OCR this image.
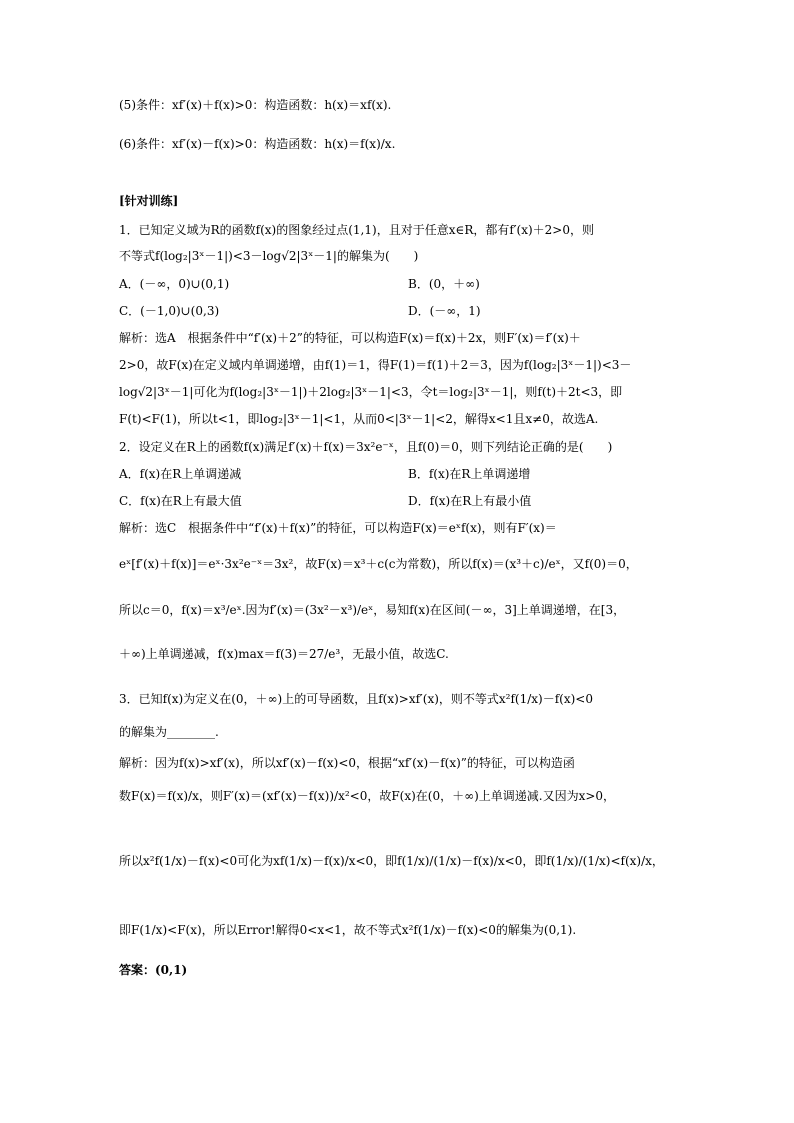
(5)条件：xf′(x)＋f(x)>0：构造函数：h(x)＝xf(x).
(6)条件：xf′(x)－f(x)>0：构造函数：h(x)＝f(x)/x.
[针对训练]
1．已知定义域为R的函数f(x)的图象经过点(1,1)，且对于任意x∈R，都有f′(x)＋2>0，则
不等式f(log₂|3ˣ－1|)<3－log√2|3ˣ－1|的解集为(　　)
A．(－∞，0)∪(0,1)	B．(0，＋∞)
C．(－1,0)∪(0,3)	D．(－∞，1)
解析：选A　根据条件中“f′(x)＋2”的特征，可以构造F(x)＝f(x)＋2x，则F′(x)＝f′(x)＋
2>0，故F(x)在定义域内单调递增，由f(1)＝1，得F(1)＝f(1)＋2＝3，因为f(log₂|3ˣ－1|)<3－
log√2|3ˣ－1|可化为f(log₂|3ˣ－1|)＋2log₂|3ˣ－1|<3，令t＝log₂|3ˣ－1|，则f(t)＋2t<3，即
F(t)<F(1)，所以t<1，即log₂|3ˣ－1|<1，从而0<|3ˣ－1|<2，解得x<1且x≠0，故选A.
2．设定义在R上的函数f(x)满足f′(x)＋f(x)＝3x²e⁻ˣ，且f(0)＝0，则下列结论正确的是(　　)
A．f(x)在R上单调递减	B．f(x)在R上单调递增
C．f(x)在R上有最大值	D．f(x)在R上有最小值
解析：选C　根据条件中“f′(x)＋f(x)”的特征，可以构造F(x)＝eˣf(x)，则有F′(x)＝
eˣ[f′(x)＋f(x)]＝eˣ·3x²e⁻ˣ＝3x²，故F(x)＝x³＋c(c为常数)，所以f(x)＝(x³＋c)/eˣ，又f(0)＝0，
所以c＝0，f(x)＝x³/eˣ.因为f′(x)＝(3x²－x³)/eˣ，易知f(x)在区间(－∞，3]上单调递增，在[3，
＋∞)上单调递减，f(x)max＝f(3)＝27/e³，无最小值，故选C.
3．已知f(x)为定义在(0，＋∞)上的可导函数，且f(x)>xf′(x)，则不等式x²f(1/x)－f(x)<0
的解集为________.
解析：因为f(x)>xf′(x)，所以xf′(x)－f(x)<0，根据“xf′(x)－f(x)”的特征，可以构造函
数F(x)＝f(x)/x，则F′(x)＝(xf′(x)－f(x))/x²<0，故F(x)在(0，＋∞)上单调递减.又因为x>0，
所以x²f(1/x)－f(x)<0可化为xf(1/x)－f(x)/x<0，即f(1/x)/(1/x)－f(x)/x<0，即f(1/x)/(1/x)<f(x)/x，
即F(1/x)<F(x)，所以Error!解得0<x<1，故不等式x²f(1/x)－f(x)<0的解集为(0,1).
答案：(0,1)
